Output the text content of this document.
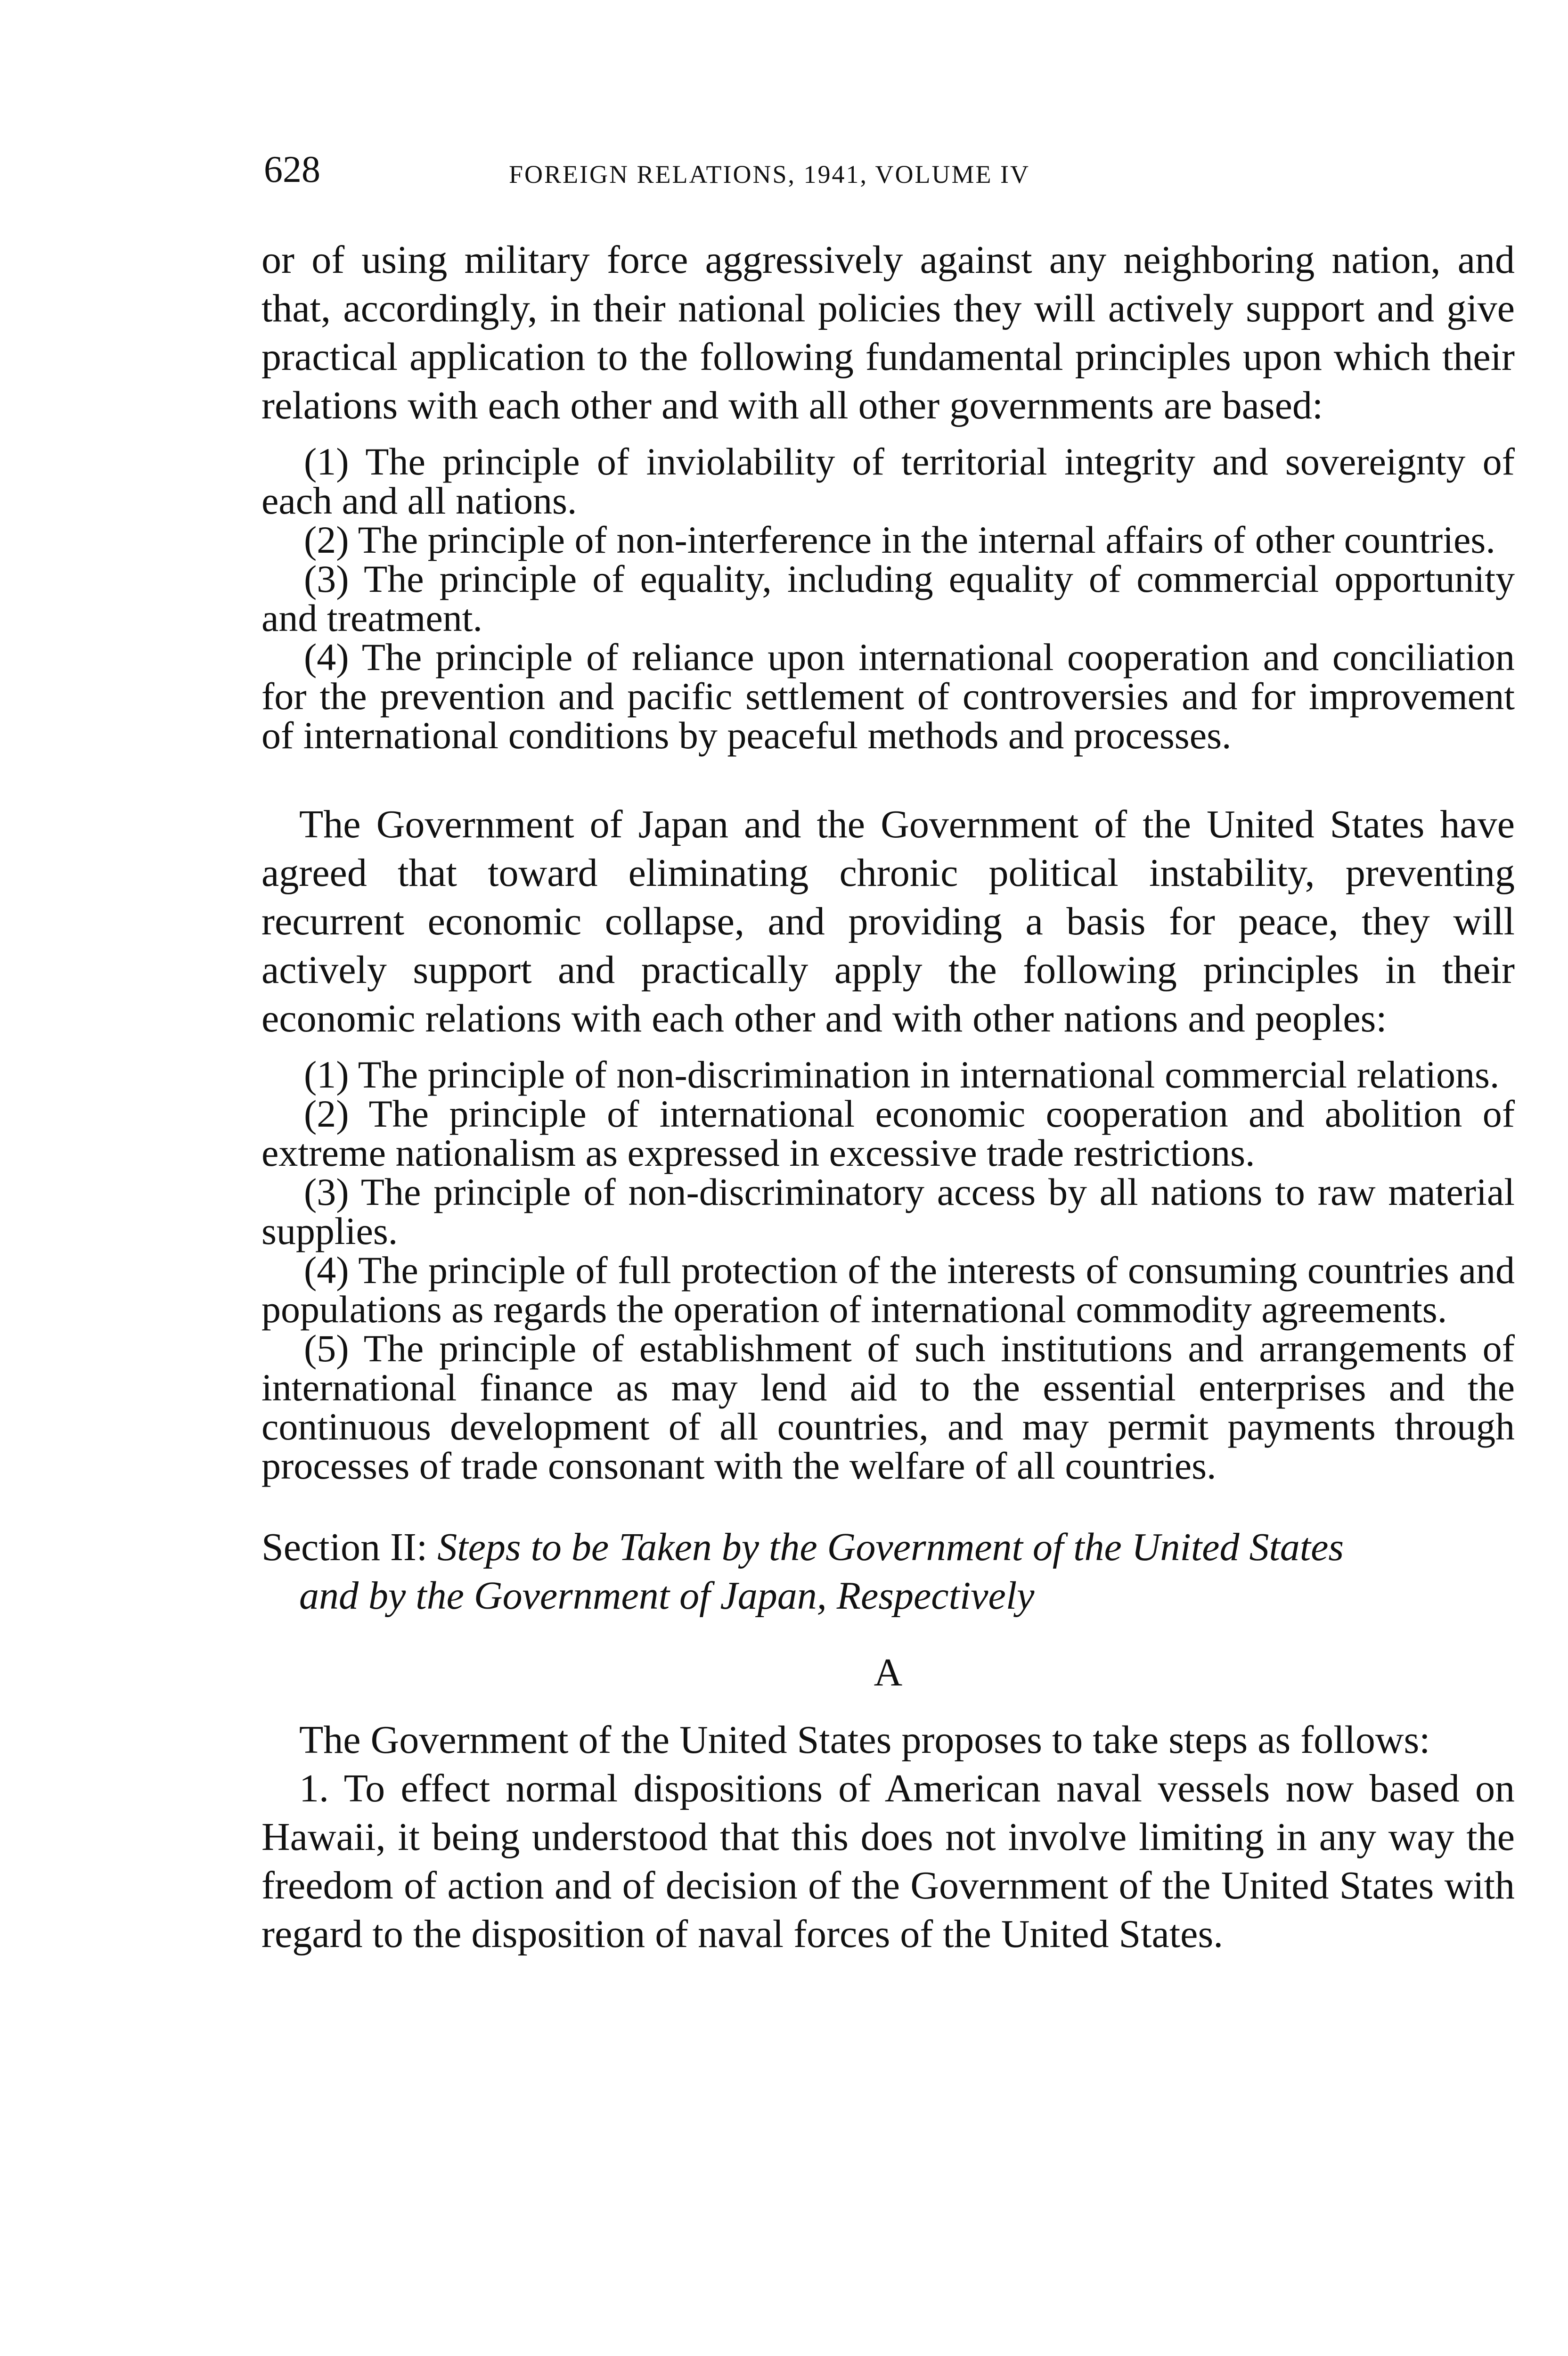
628	FOREIGN RELATIONS, 1941, VOLUME IV

or of using military force aggressively against any neighboring nation, and that, accordingly, in their national policies they will actively support and give practical application to the following fundamental principles upon which their relations with each other and with all other governments are based:

(1) The principle of inviolability of territorial integrity and sovereignty of each and all nations.

(2) The principle of non-interference in the internal affairs of other countries.

(3) The principle of equality, including equality of commercial opportunity and treatment.

(4) The principle of reliance upon international cooperation and conciliation for the prevention and pacific settlement of controversies and for improvement of international conditions by peaceful methods and processes.

The Government of Japan and the Government of the United States have agreed that toward eliminating chronic political instability, preventing recurrent economic collapse, and providing a basis for peace, they will actively support and practically apply the following principles in their economic relations with each other and with other nations and peoples:

(1) The principle of non-discrimination in international commercial relations.

(2) The principle of international economic cooperation and abolition of extreme nationalism as expressed in excessive trade restrictions.

(3) The principle of non-discriminatory access by all nations to raw material supplies.

(4) The principle of full protection of the interests of consuming countries and populations as regards the operation of international commodity agreements.

(5) The principle of establishment of such institutions and arrangements of international finance as may lend aid to the essential enterprises and the continuous development of all countries, and may permit payments through processes of trade consonant with the welfare of all countries.

Section II: Steps to be Taken by the Government of the United States

and by the Government of Japan, Respectively

A

The Government of the United States proposes to take steps as follows:

1. To effect normal dispositions of American naval vessels now based on Hawaii, it being understood that this does not involve limiting in any way the freedom of action and of decision of the Government of the United States with regard to the disposition of naval forces of the United States.
